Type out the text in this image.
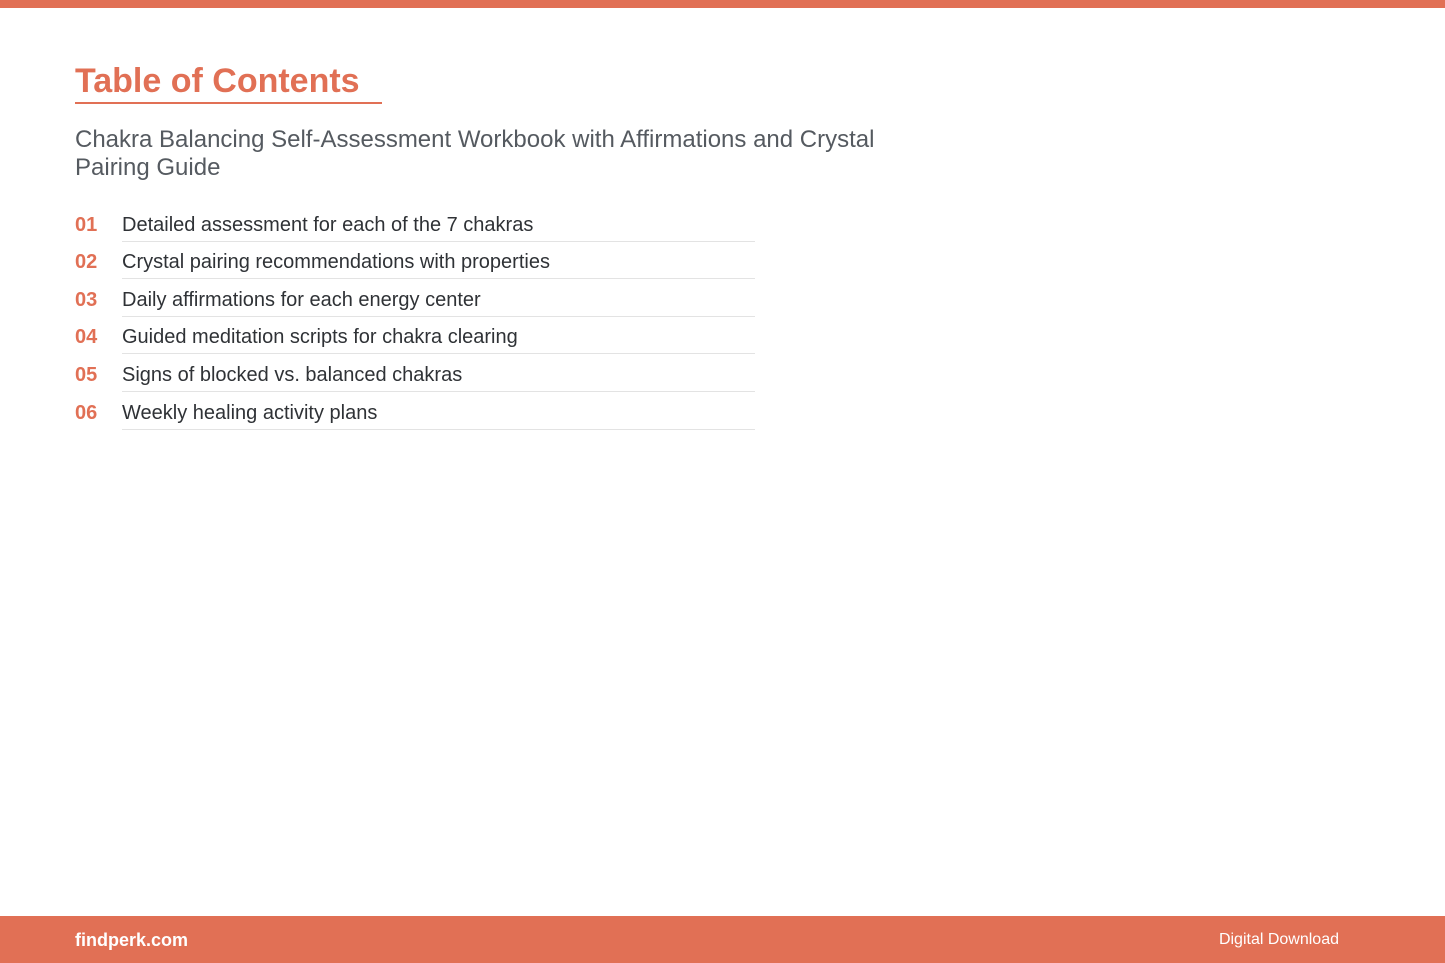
Table of Contents

Chakra Balancing Self-Assessment Workbook with Affirmations and Crystal Pairing Guide

01	Detailed assessment for each of the 7 chakras
02	Crystal pairing recommendations with properties
03	Daily affirmations for each energy center
04	Guided meditation scripts for chakra clearing
05	Signs of blocked vs. balanced chakras
06	Weekly healing activity plans
findperk.com	Digital Download
